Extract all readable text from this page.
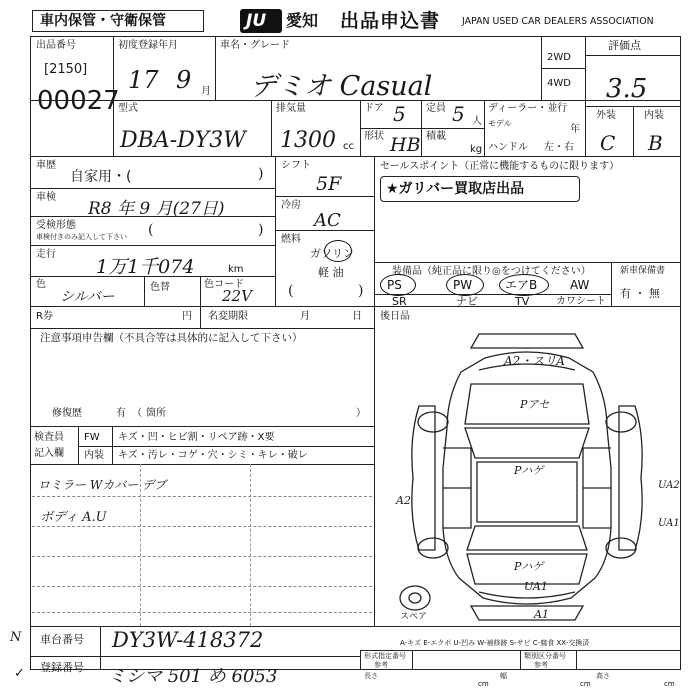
車内保管・守衛保管	JU 愛知 出品申込書 JAPAN USED CAR DEALERS ASSOCIATION
出品番号
[2150]
00027
初度登録年月
17 9 月
車名・グレード
デミオ Casual
2WD
4WD
評価点
3.5
外装	内装
C B
型式
DBA-DY3W
排気量
1300 cc
ドア 5 定員 5 人
形状 HB 積載
kg
ディーラー・並行
モデル
年
ハンドル 左・右
車歴
自家用・(	)
車検
R8 年 9 月(27日)
受検形態
車検付きのみ記入して下さい (	)
走行
1万1千074	km
色
シルバー
色替	色コード
22V
シフト
5F
冷房
AC
燃料
ガソリン
軽 油
(	)
セールスポイント（正常に機能するものに限ります）
★ガリバー買取店出品
装備品（純正品に限り◎をつけてください）
PS	PW	エアB	AW
SR	ナビ	TV	カワシート
新車保備書
有 ・ 無
R券	円 名変期限	月	日 後日品
注意事項申告欄（不具合等は具体的に記入して下さい）
修復歴	有 （ 箇所	）
検査員
記入欄
FW キズ・凹・ヒビ割・リペア跡・X要
内装 キズ・汚レ・コゲ・穴・シミ・キレ・破レ
ロミラー Wカバー デブ
ボディ A.U
A2・スリA
Pアセ
Pハゲ
Pハゲ
UA1
A2
UA2
UA1
A1
スペア
A-キズ E-エクボ U-凹み W-補修跡 S-サビ C-腐食 XX-交換済
車台番号 DY3W-418372
登録番号 ミシマ 501 め 6053
N
✓
形式指定番号
参考
類別区分番号
参考
長さ
cm
幅
cm
高さ
cm
